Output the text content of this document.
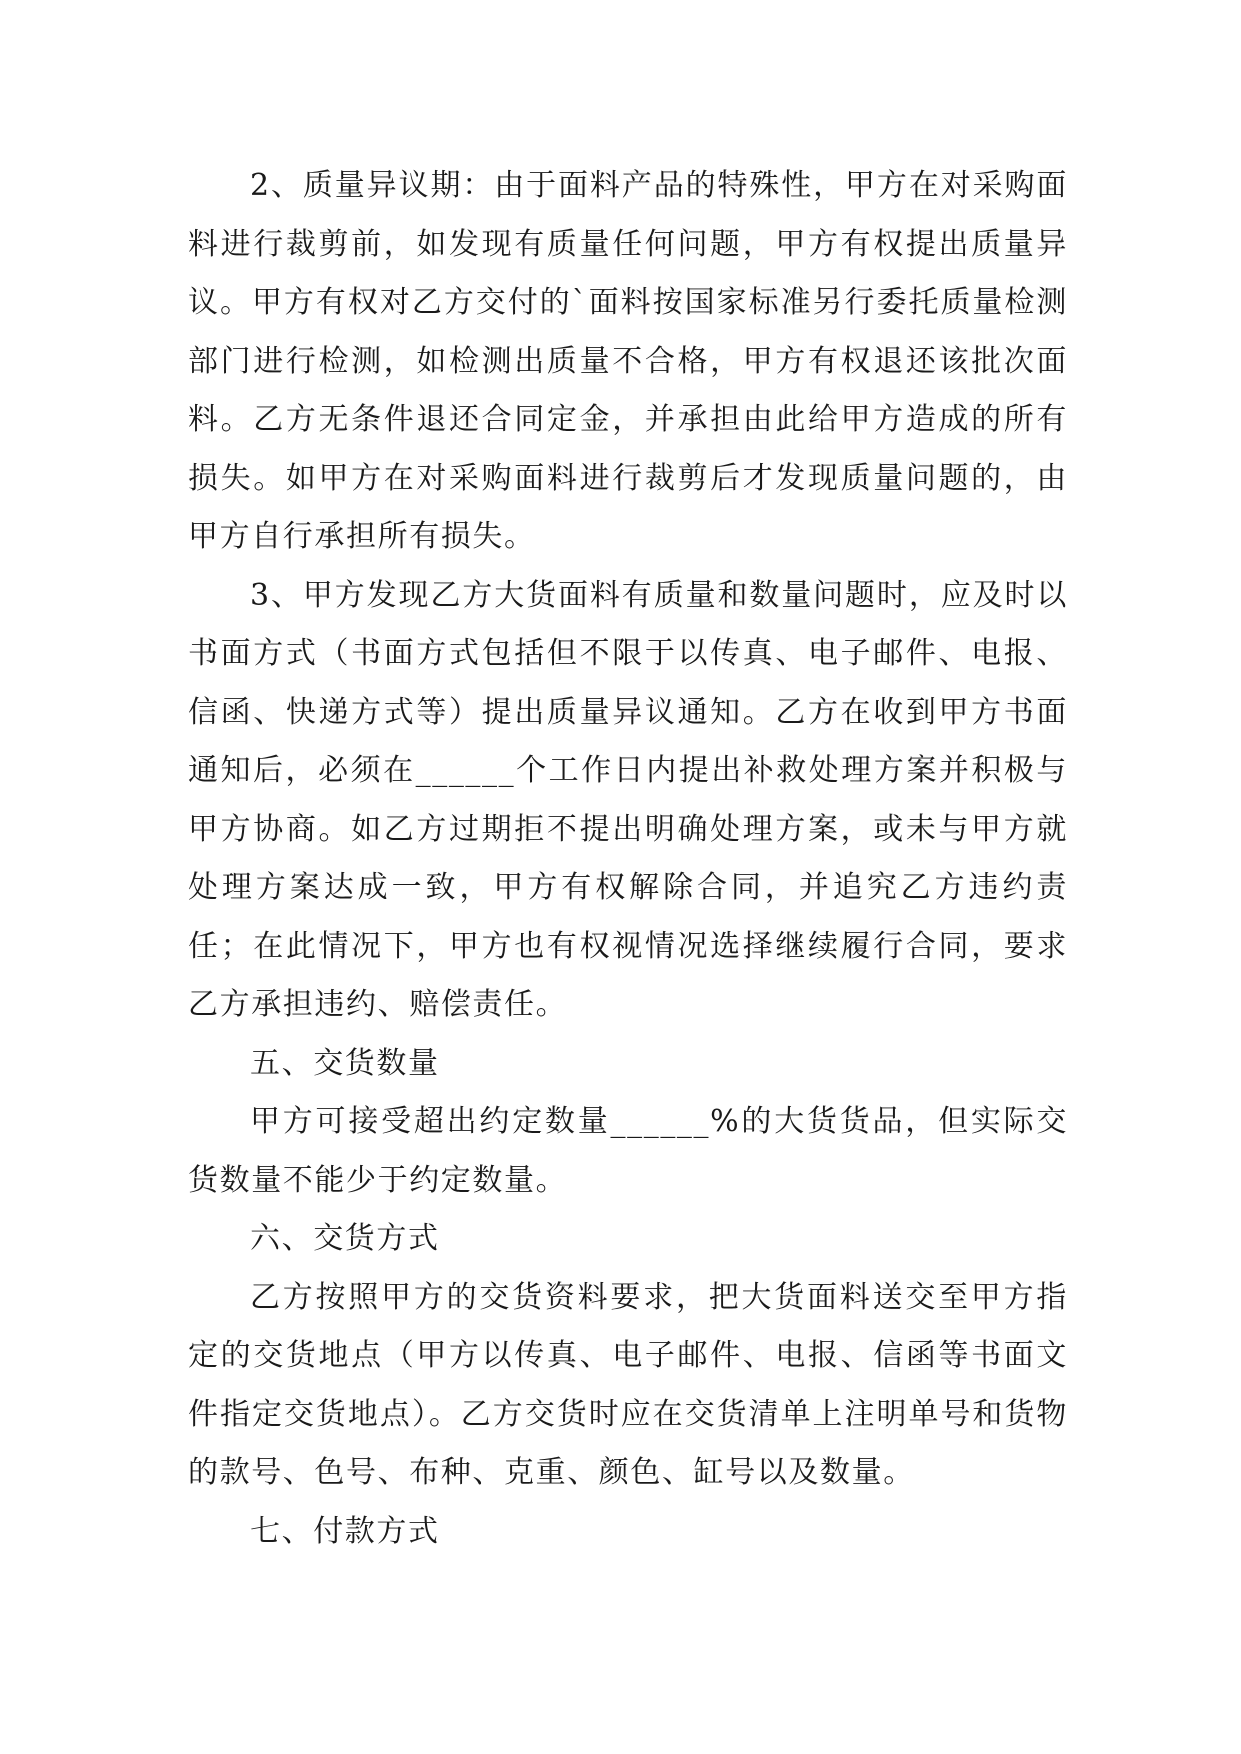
2、质量异议期：由于面料产品的特殊性，甲方在对采购面料进行裁剪前，如发现有质量任何问题，甲方有权提出质量异议。甲方有权对乙方交付的`面料按国家标准另行委托质量检测部门进行检测，如检测出质量不合格，甲方有权退还该批次面料。乙方无条件退还合同定金，并承担由此给甲方造成的所有损失。如甲方在对采购面料进行裁剪后才发现质量问题的，由甲方自行承担所有损失。

3、甲方发现乙方大货面料有质量和数量问题时，应及时以书面方式（书面方式包括但不限于以传真、电子邮件、电报、信函、快递方式等）提出质量异议通知。乙方在收到甲方书面通知后，必须在______个工作日内提出补救处理方案并积极与甲方协商。如乙方过期拒不提出明确处理方案，或未与甲方就处理方案达成一致，甲方有权解除合同，并追究乙方违约责任；在此情况下，甲方也有权视情况选择继续履行合同，要求乙方承担违约、赔偿责任。

五、交货数量

甲方可接受超出约定数量______%的大货货品，但实际交货数量不能少于约定数量。

六、交货方式

乙方按照甲方的交货资料要求，把大货面料送交至甲方指定的交货地点（甲方以传真、电子邮件、电报、信函等书面文件指定交货地点）。乙方交货时应在交货清单上注明单号和货物的款号、色号、布种、克重、颜色、缸号以及数量。

七、付款方式
